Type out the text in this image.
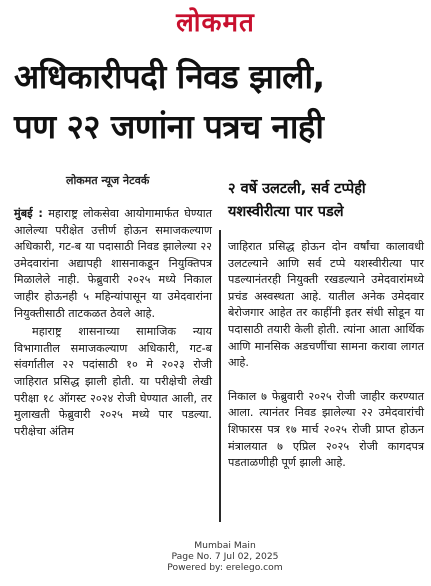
लोकमत
अधिकारीपदी निवड झाली,
पण २२ जणांना पत्रच नाही
लोकमत न्यूज नेटवर्क

मुंबई : महाराष्ट्र लोकसेवा आयोगामार्फत घेण्यात आलेल्या परीक्षेत उत्तीर्ण होऊन समाजकल्याण अधिकारी, गट-ब या पदासाठी निवड झालेल्या २२ उमेदवारांना अद्यापही शासनाकडून नियुक्तिपत्र मिळालेले नाही. फेब्रुवारी २०२५ मध्ये निकाल जाहीर होऊनही ५ महिन्यांपासून या उमेदवारांना नियुक्तीसाठी ताटकळत ठेवले आहे.

महाराष्ट्र शासनाच्या सामाजिक न्याय विभागातील समाजकल्याण अधिकारी, गट-ब संवर्गातील २२ पदांसाठी १० मे २०२३ रोजी जाहिरात प्रसिद्ध झाली होती. या परीक्षेची लेखी परीक्षा १८ ऑगस्ट २०२४ रोजी घेण्यात आली, तर मुलाखती फेब्रुवारी २०२५ मध्ये पार पडल्या. परीक्षेचा अंतिम

२ वर्षे उलटली, सर्व टप्पेही यशस्वीरीत्या पार पडले

जाहिरात प्रसिद्ध होऊन दोन वर्षांचा कालावधी उलटल्याने आणि सर्व टप्पे यशस्वीरीत्या पार पडल्यानंतरही नियुक्ती रखडल्याने उमेदवारांमध्ये प्रचंड अस्वस्थता आहे. यातील अनेक उमेदवार बेरोजगार आहेत तर काहींनी इतर संधी सोडून या पदासाठी तयारी केली होती. त्यांना आता आर्थिक आणि मानसिक अडचणींचा सामना करावा लागत आहे.

निकाल ७ फेब्रुवारी २०२५ रोजी जाहीर करण्यात आला. त्यानंतर निवड झालेल्या २२ उमेदवारांची शिफारस पत्र १७ मार्च २०२५ रोजी प्राप्त होऊन मंत्रालयात ७ एप्रिल २०२५ रोजी कागदपत्र पडताळणीही पूर्ण झाली आहे.

Mumbai Main
Page No. 7 Jul 02, 2025
Powered by: erelego.com
